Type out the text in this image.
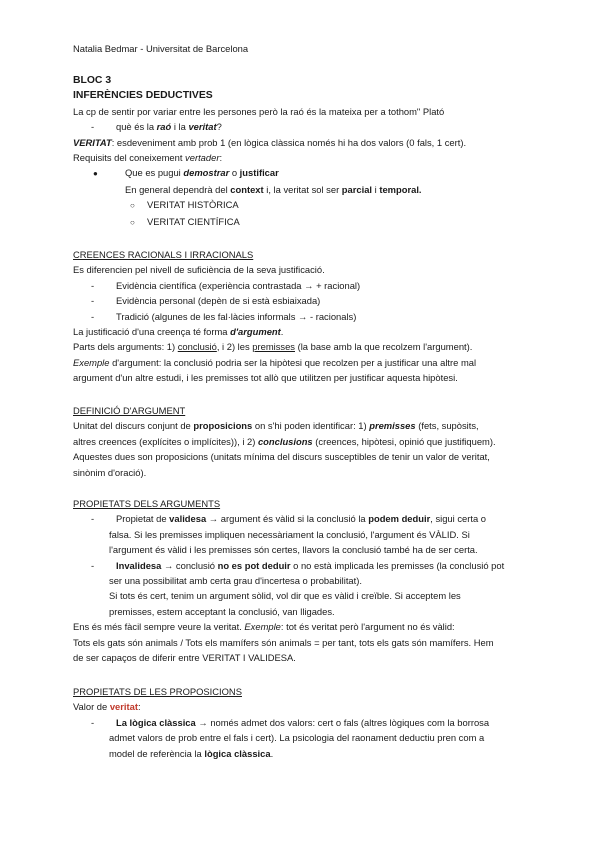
Natalia Bedmar - Universitat de Barcelona
BLOC 3
INFERÈNCIES DEDUCTIVES
La cp de sentir por variar entre les persones però la raó és la mateixa per a tothom" Plató
- què és la raó i la veritat?
VERITAT: esdeveniment amb prob 1 (en lògica clàssica només hi ha dos valors (0 fals, 1 cert).
Requisits del coneixement vertader:
●	Que es pugui demostrar o justificar
En general dependrà del context i, la veritat sol ser parcial i temporal.
○ VERITAT HISTÒRICA
○ VERITAT CIENTÍFICA
CREENCES RACIONALS I IRRACIONALS
Es diferencien pel nivell de suficiència de la seva justificació.
- Evidència científica (experiència contrastada → + racional)
- Evidència personal (depèn de si està esbiaixada)
- Tradició (algunes de les fal·làcies informals → - racionals)
La justificació d'una creença té forma d'argument.
Parts dels arguments: 1) conclusió, i 2) les premisses (la base amb la que recolzem l'argument).
Exemple d'argument: la conclusió podria ser la hipòtesi que recolzen per a justificar una altre mal
argument d'un altre estudi, i les premisses tot allò que utilitzen per justificar aquesta hipòtesi.
DEFINICIÓ D'ARGUMENT
Unitat del discurs conjunt de proposicions on s'hi poden identificar: 1) premisses (fets, supòsits,
altres creences (explícites o implícites)), i 2) conclusions (creences, hipòtesi, opinió que justifiquem).
Aquestes dues son proposicions (unitats mínima del discurs susceptibles de tenir un valor de veritat,
sinònim d'oració).
PROPIETATS DELS ARGUMENTS
- Propietat de validesa → argument és vàlid si la conclusió la podem deduir, sigui certa o
falsa. Si les premisses impliquen necessàriament la conclusió, l'argument és VÀLID. Si
l'argument és vàlid i les premisses són certes, llavors la conclusió també ha de ser certa.
- Invalidesa → conclusió no es pot deduir o no està implicada les premisses (la conclusió pot
ser una possibilitat amb certa grau d'incertesa o probabilitat).
Si tots és cert, tenim un argument sòlid, vol dir que es vàlid i creïble. Si acceptem les
premisses, estem acceptant la conclusió, van lligades.
Ens és més fàcil sempre veure la veritat. Exemple: tot és veritat però l'argument no és vàlid:
Tots els gats són animals / Tots els mamífers són animals = per tant, tots els gats són mamífers. Hem
de ser capaços de diferir entre VERITAT I VALIDESA.
PROPIETATS DE LES PROPOSICIONS
Valor de veritat:
- La lògica clàssica → només admet dos valors: cert o fals (altres lògiques com la borrosa
admet valors de prob entre el fals i cert). La psicologia del raonament deductiu pren com a
model de referència la lògica clàssica.
